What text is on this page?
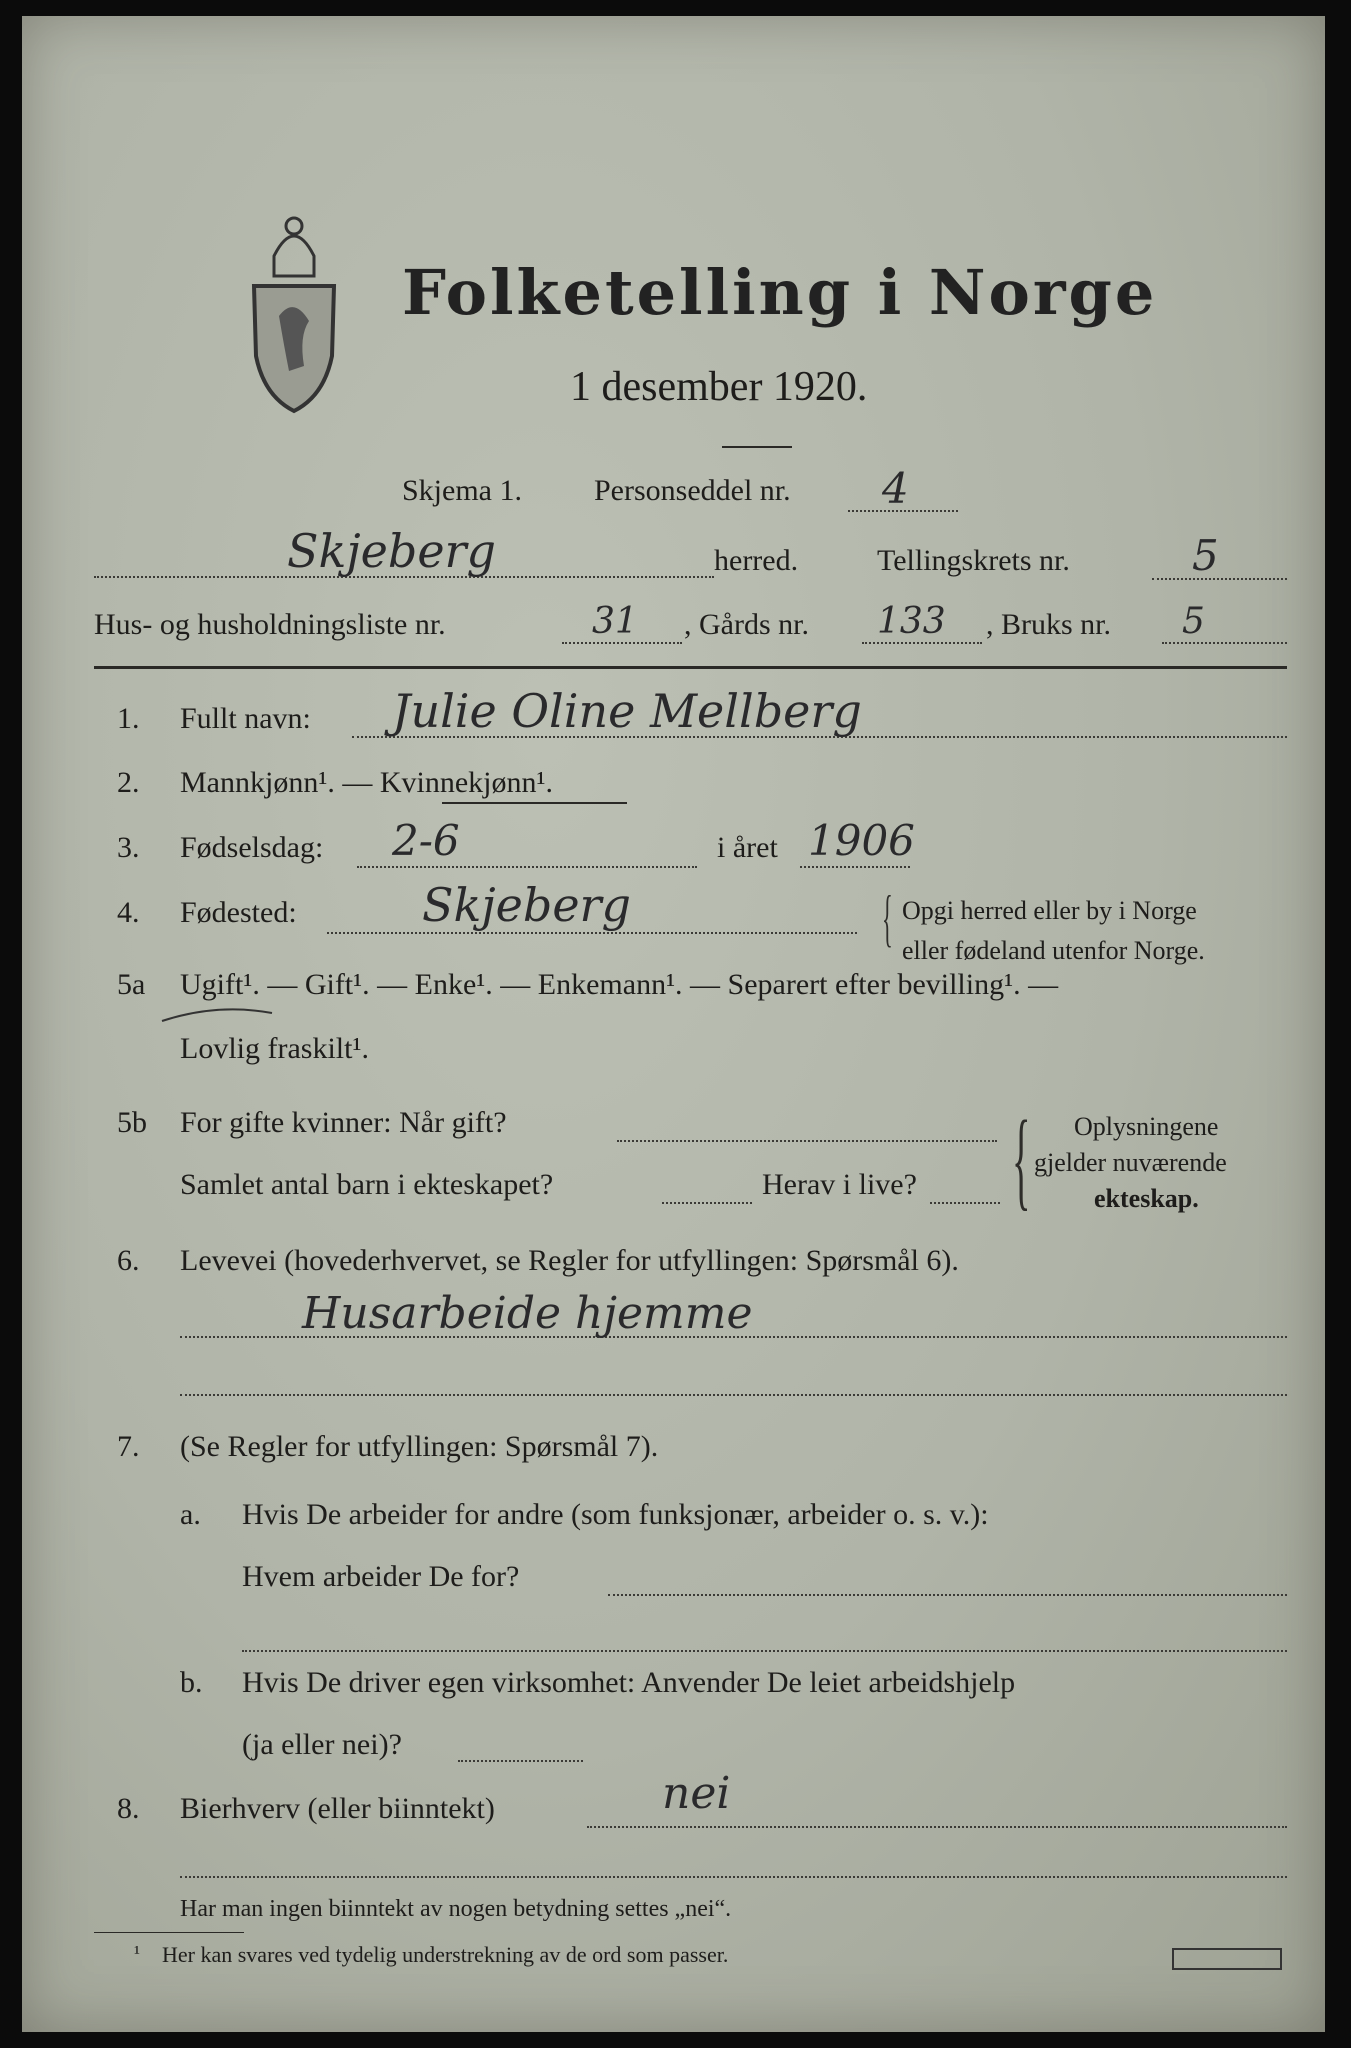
Folketelling i Norge
1 desember 1920.
Skjema 1. Personseddel nr. 4
Skjeberg	herred.	Tellingskrets nr.	5
Hus- og husholdningsliste nr.	31 , Gårds nr. 133 , Bruks nr. 5
1. Fullt navn: Julie Oline Mellberg
2. Mannkjønn¹. — Kvinnekjønn¹.
3. Fødselsdag: 2-6	i året 1906
4. Fødested:	Skjeberg	{ Opgi herred eller by i Norge
eller fødeland utenfor Norge.
5a Ugift¹. — Gift¹. — Enke¹. — Enkemann¹. — Separert efter bevilling¹. —
Lovlig fraskilt¹.
5b For gifte kvinner: Når gift?
Samlet antal barn i ekteskapet?	Herav i live? { Oplysningene
gjelder nuværende
ekteskap.
6. Levevei (hovederhvervet, se Regler for utfyllingen: Spørsmål 6).
Husarbeide hjemme
7. (Se Regler for utfyllingen: Spørsmål 7).
a. Hvis De arbeider for andre (som funksjonær, arbeider o. s. v.):
Hvem arbeider De for?
b. Hvis De driver egen virksomhet: Anvender De leiet arbeidshjelp
(ja eller nei)?
8. Bierhverv (eller biinntekt)	nei
Har man ingen biinntekt av nogen betydning settes „nei“.
¹ Her kan svares ved tydelig understrekning av de ord som passer.
